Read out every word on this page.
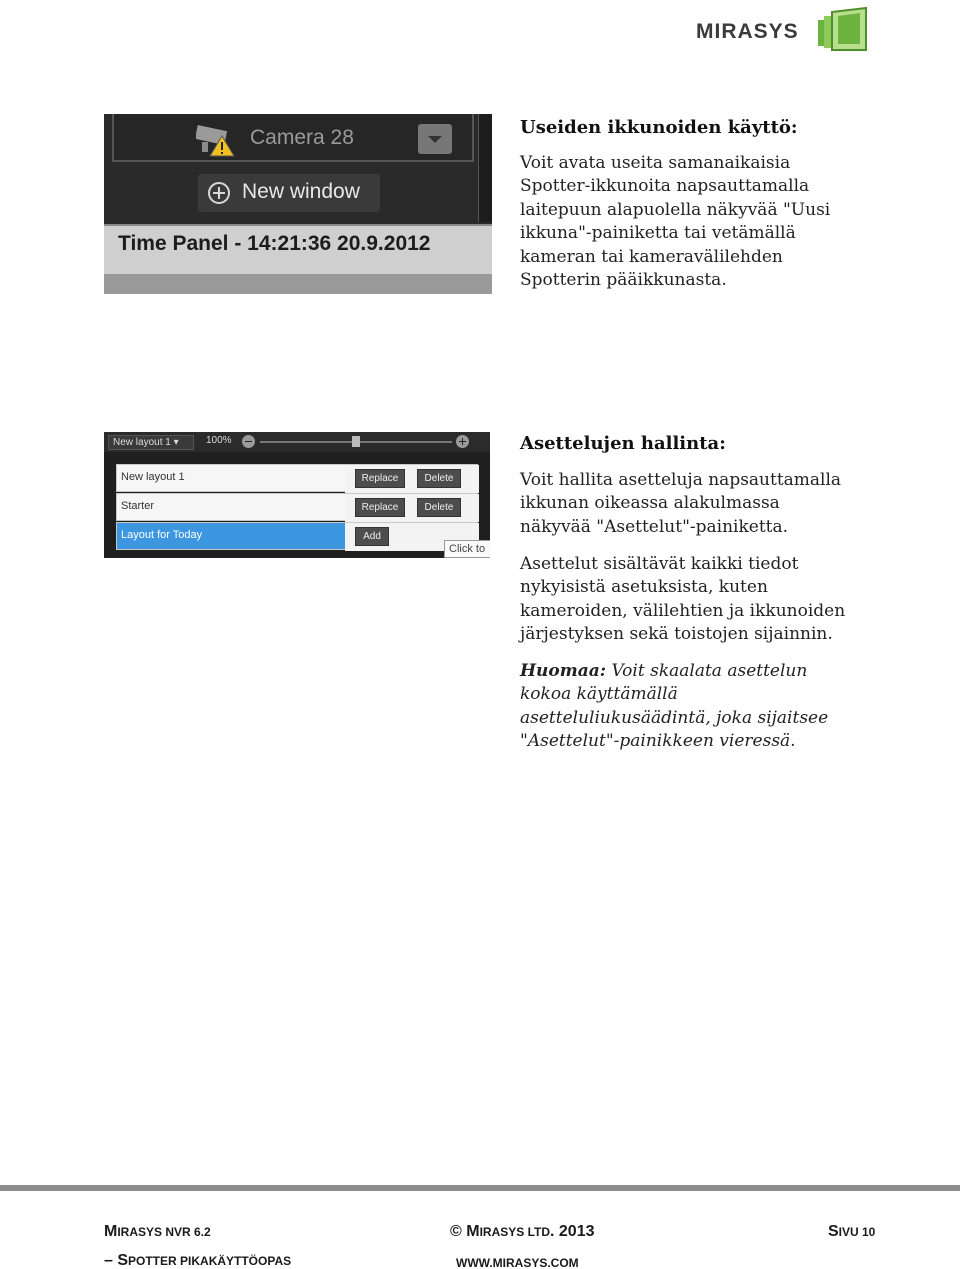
MIRASYS
Camera 28
New window
Time Panel - 14:21:36 20.9.2012
Useiden ikkunoiden käyttö:
Voit avata useita samanaikaisia
Spotter-ikkunoita napsauttamalla
laitepuun alapuolella näkyvää "Uusi
ikkuna"-painiketta tai vetämällä
kameran tai kameravälilehden
Spotterin pääikkunasta.
New layout 1 ▾	100%
New layout 1	Replace	Delete
Starter	Replace	Delete
Layout for Today	Add
Click to
Asettelujen hallinta:
Voit hallita asetteluja napsauttamalla
ikkunan oikeassa alakulmassa
näkyvää "Asettelut"-painiketta.
Asettelut sisältävät kaikki tiedot
nykyisistä asetuksista, kuten
kameroiden, välilehtien ja ikkunoiden
järjestyksen sekä toistojen sijainnin.
Huomaa: Voit skaalata asettelun
kokoa käyttämällä
asetteluliukusäädintä, joka sijaitsee
"Asettelut"-painikkeen vieressä.
MIRASYS NVR 6.2	© MIRASYS LTD. 2013	SIVU 10
– SPOTTER PIKAKÄYTTÖOPAS	WWW.MIRASYS.COM
